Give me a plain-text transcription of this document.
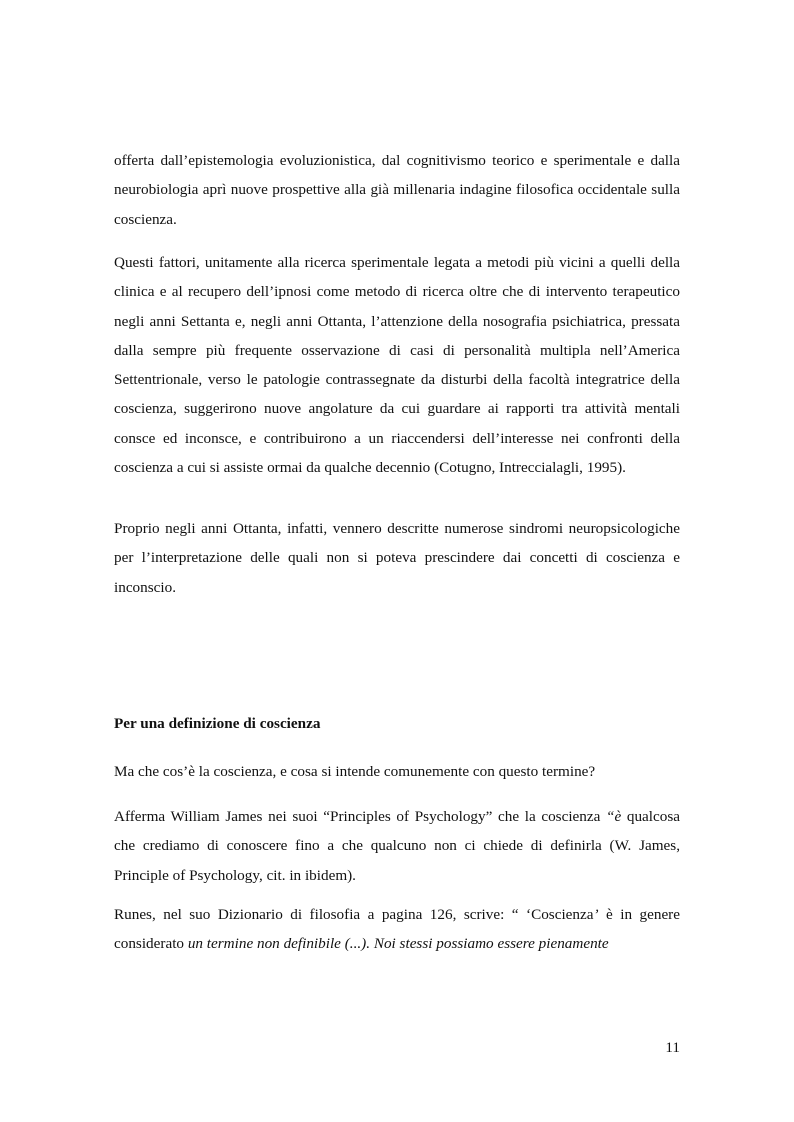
offerta dall’epistemologia evoluzionistica, dal cognitivismo teorico e sperimentale e dalla neurobiologia aprì nuove prospettive alla già millenaria indagine filosofica occidentale sulla coscienza.

Questi fattori, unitamente alla ricerca sperimentale legata a metodi più vicini a quelli della clinica e al recupero dell’ipnosi come metodo di ricerca oltre che di intervento terapeutico negli anni Settanta e, negli anni Ottanta, l’attenzione della nosografia psichiatrica, pressata dalla sempre più frequente osservazione di casi di personalità multipla nell’America Settentrionale, verso le patologie contrassegnate da disturbi della facoltà integratrice della coscienza, suggerirono nuove angolature da cui guardare ai rapporti tra attività mentali consce ed inconsce, e contribuirono a un riaccendersi dell’interesse nei confronti della coscienza a cui si assiste ormai da qualche decennio (Cotugno, Intreccialagli, 1995).

Proprio negli anni Ottanta, infatti, vennero descritte numerose sindromi neuropsicologiche per l’interpretazione delle quali non si poteva prescindere dai concetti di coscienza e inconscio.

Per una definizione di coscienza

Ma che cos’è la coscienza, e cosa si intende comunemente con questo termine?

Afferma William James nei suoi “Principles of Psychology” che la coscienza “è qualcosa che crediamo di conoscere fino a che qualcuno non ci chiede di definirla (W. James, Principle of Psychology, cit. in ibidem).

Runes, nel suo Dizionario di filosofia a pagina 126, scrive: “ ‘Coscienza’ è in genere considerato un termine non definibile (...). Noi stessi possiamo essere pienamente

11
